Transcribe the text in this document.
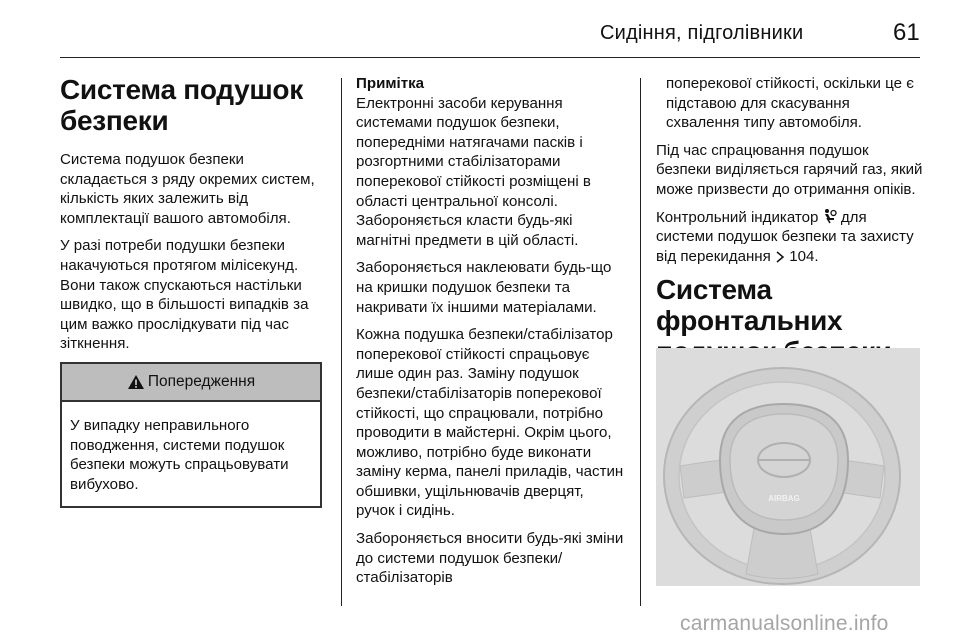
Сидіння, підголівники	61
Система подушок безпеки

Система подушок безпеки складається з ряду окремих систем, кількість яких залежить від комплектації вашого автомобіля.

У разі потреби подушки безпеки накачуються протягом мілісекунд. Вони також спускаються настільки швидко, що в більшості випадків за цим важко прослідкувати під час зіткнення.

Попередження
У випадку неправильного поводження, системи подушок безпеки можуть спрацьовувати вибухово.

Примітка
Електронні засоби керування системами подушок безпеки, попередніми натягачами пасків і розгортними стабілізаторами поперекової стійкості розміщені в області центральної консолі. Забороняється класти будь-які магнітні предмети в цій області.

Забороняється наклеювати будь-що на кришки подушок безпеки та накривати їх іншими матеріалами.

Кожна подушка безпеки/стабілізатор поперекової стійкості спрацьовує лише один раз. Заміну подушок безпеки/стабілізаторів поперекової стійкості, що спрацювали, потрібно проводити в майстерні. Окрім цього, можливо, потрібно буде виконати заміну керма, панелі приладів, частин обшивки, ущільнювачів дверцят, ручок і сидінь.

Забороняється вносити будь-які зміни до системи подушок безпеки/стабілізаторів

поперекової стійкості, оскільки це є підставою для скасування схвалення типу автомобіля.

Під час спрацювання подушок безпеки виділяється гарячий газ, який може призвести до отримання опіків.

Контрольний індикатор для системи подушок безпеки та захисту від перекидання 104.

Система фронтальних
AIRBAG
carmanualsonline.info
